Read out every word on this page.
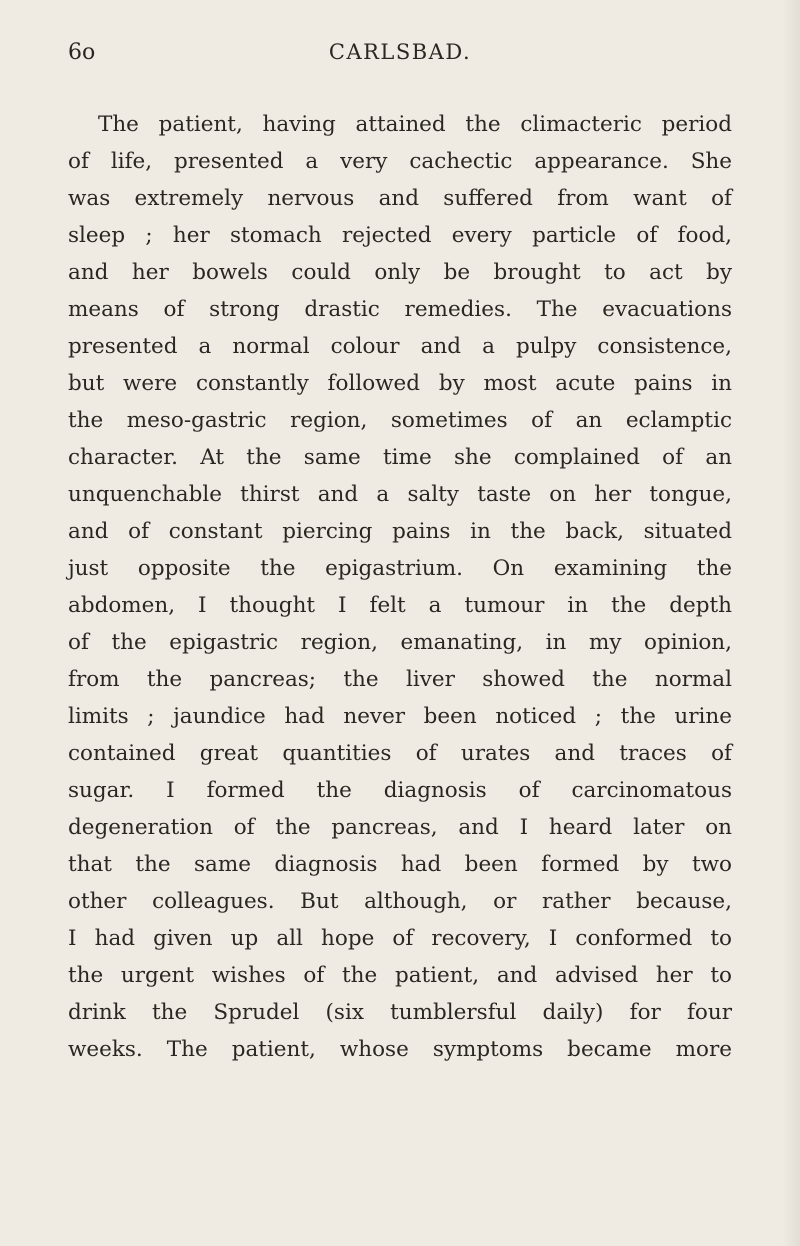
6o	CARLSBAD.
The patient, having attained the climacteric period
of life, presented a very cachectic appearance. She
was extremely nervous and suffered from want of
sleep ; her stomach rejected every particle of food,
and her bowels could only be brought to act by
means of strong drastic remedies. The evacuations
presented a normal colour and a pulpy consistence,
but were constantly followed by most acute pains in
the meso-gastric region, sometimes of an eclamptic
character. At the same time she complained of an
unquenchable thirst and a salty taste on her tongue,
and of constant piercing pains in the back, situated
just opposite the epigastrium. On examining the
abdomen, I thought I felt a tumour in the depth
of the epigastric region, emanating, in my opinion,
from the pancreas; the liver showed the normal
limits ; jaundice had never been noticed ; the urine
contained great quantities of urates and traces of
sugar. I formed the diagnosis of carcinomatous
degeneration of the pancreas, and I heard later on
that the same diagnosis had been formed by two
other colleagues. But although, or rather because,
I had given up all hope of recovery, I conformed to
the urgent wishes of the patient, and advised her to
drink the Sprudel (six tumblersful daily) for four
weeks. The patient, whose symptoms became more
